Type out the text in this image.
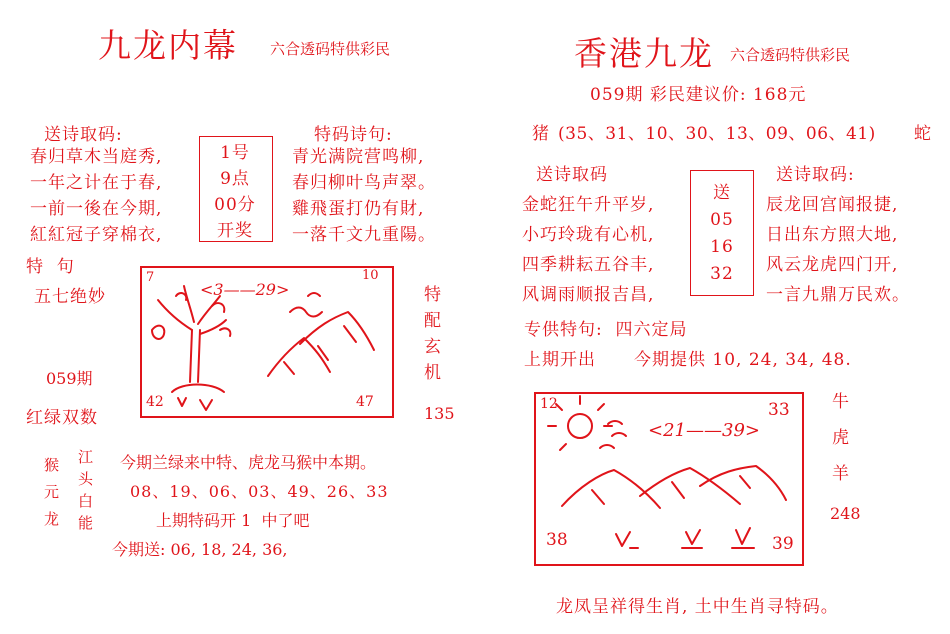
九龙内幕 六合透码特供彩民
送诗取码:

春归草木当庭秀,

一年之计在于春,

一前一後在今期,

紅紅冠子穿棉衣,

1号

9点

00分

开奖

特码诗句:

青光满院营鸣柳,

春归柳叶鸟声翠。

雞飛蛋打仍有財,

一落千文九重陽。

特  句
五七绝妙
059期
红绿双数
<3——29>
7	10
42	47
特
配
玄
机
135
猴
元
龙
江
头
白
能
今期兰绿来中特、虎龙马猴中本期。
08、19、06、03、49、26、33
上期特码开 1  中了吧
今期送: 06, 18, 24, 36,
香港九龙 六合透码特供彩民
059期 彩民建议价: 168元
猪 (35、31、10、30、13、09、06、41) 蛇
送诗取码

金蛇狂午升平岁,

小巧玲珑有心机,

四季耕耘五谷丰,

风调雨顺报吉昌,

送

05

16

32

送诗取码:

辰龙回宫闻报捷,

日出东方照大地,

风云龙虎四门开,

一言九鼎万民欢。

专供特句:  四六定局
上期开出 今期提供 10, 24, 34, 48.
12	33
38	39
<21——39>
牛
虎
羊
248
龙凤呈祥得生肖, 土中生肖寻特码。
